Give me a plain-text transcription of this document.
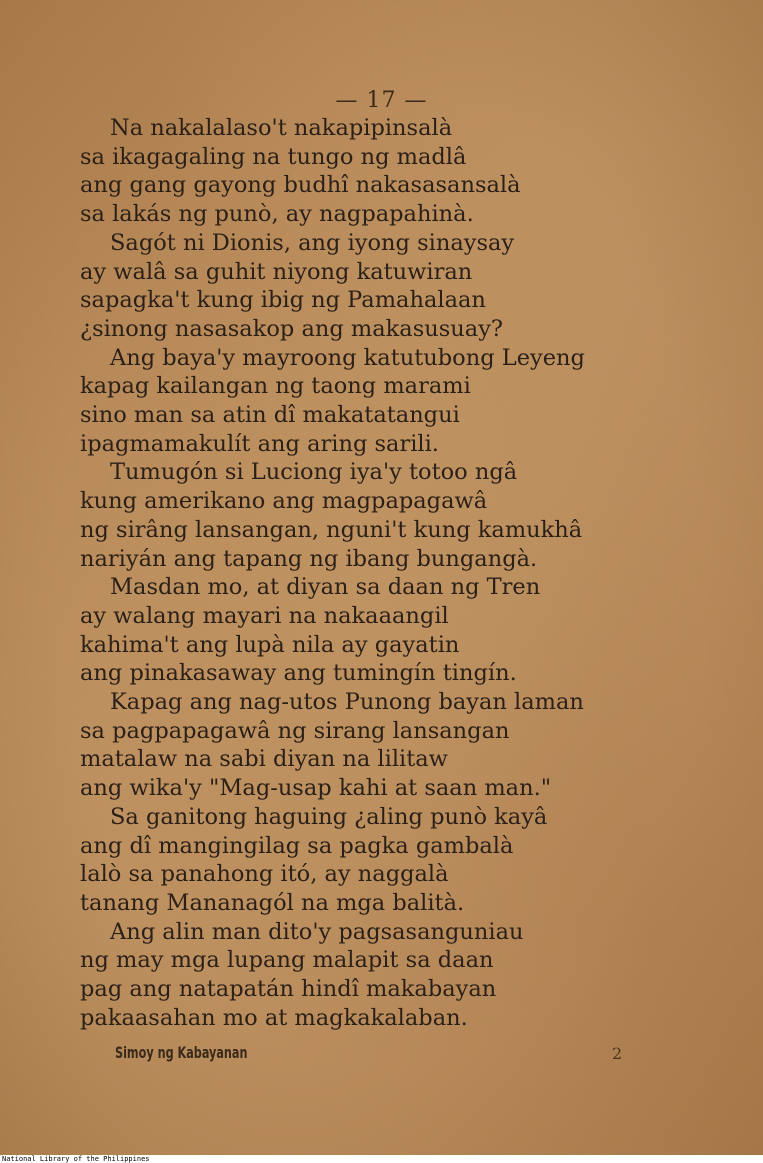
— 17 —
Na nakalalaso't nakapipinsalà
sa ikagagaling na tungo ng madlâ
ang gang gayong budhî nakasasansalà
sa lakás ng punò, ay nagpapahinà.
Sagót ni Dionis, ang iyong sinaysay
ay walâ sa guhit niyong katuwiran
sapagka't kung ibig ng Pamahalaan
¿sinong nasasakop ang makasusuay?
Ang baya'y mayroong katutubong Leyeng
kapag kailangan ng taong marami
sino man sa atin dî makatatangui
ipagmamakulít ang aring sarili.
Tumugón si Luciong iya'y totoo ngâ
kung amerikano ang magpapagawâ
ng sirâng lansangan, nguni't kung kamukhâ
nariyán ang tapang ng ibang bungangà.
Masdan mo, at diyan sa daan ng Tren
ay walang mayari na nakaaangil
kahima't ang lupà nila ay gayatin
ang pinakasaway ang tumingín tingín.
Kapag ang nag-utos Punong bayan laman
sa pagpapagawâ ng sirang lansangan
matalaw na sabi diyan na lilitaw
ang wika'y "Mag-usap kahi at saan man."
Sa ganitong haguing ¿aling punò kayâ
ang dî mangingilag sa pagka gambalà
lalò sa panahong itó, ay naggalà
tanang Mananagól na mga balità.
Ang alin man dito'y pagsasanguniau
ng may mga lupang malapit sa daan
pag ang natapatán hindî makabayan
pakaasahan mo at magkakalaban.
Simoy ng Kabayanan	2
National Library of the Philippines
